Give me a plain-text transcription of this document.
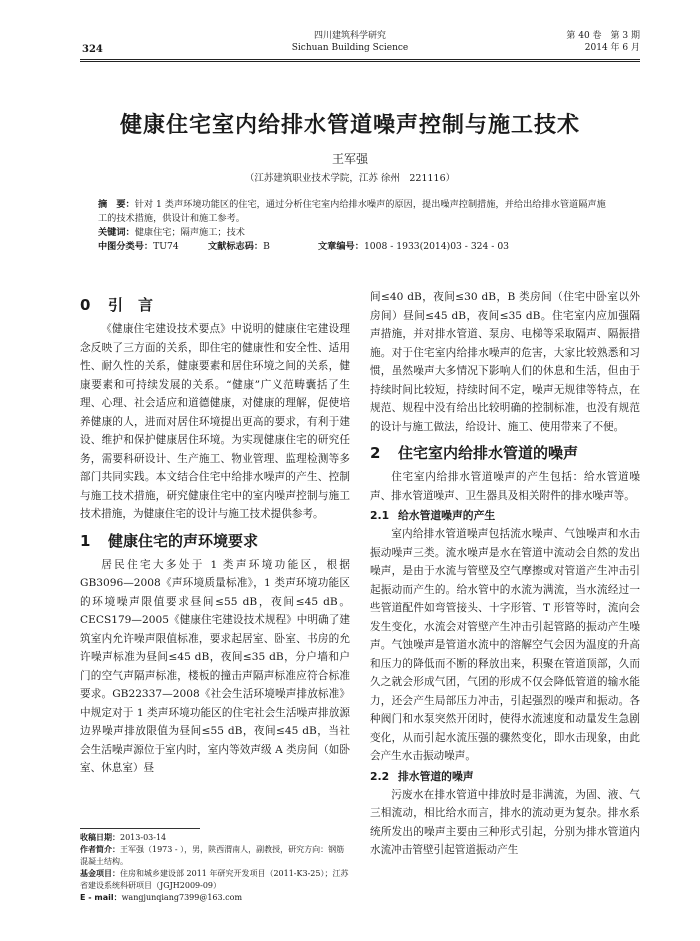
四川建筑科学研究
Sichuan Building Science
324
第 40 卷　第 3 期
2014 年 6 月
健康住宅室内给排水管道噪声控制与施工技术
王军强
（江苏建筑职业技术学院，江苏 徐州　221116）
摘　要：针对 1 类声环境功能区的住宅，通过分析住宅室内给排水噪声的原因，提出噪声控制措施，并给出给排水管道隔声施工的技术措施，供设计和施工参考。
关键词：健康住宅；隔声施工；技术
中图分类号：TU74	文献标志码：B	文章编号：1008 - 1933(2014)03 - 324 - 03
0 引　言

《健康住宅建设技术要点》中说明的健康住宅建设理念反映了三方面的关系，即住宅的健康性和安全性、适用性、耐久性的关系，健康要素和居住环境之间的关系，健康要素和可持续发展的关系。“健康”广义范畴囊括了生理、心理、社会适应和道德健康，对健康的理解，促使培养健康的人，进而对居住环境提出更高的要求，有利于建设、维护和保护健康居住环境。为实现健康住宅的研究任务，需要科研设计、生产施工、物业管理、监理检测等多部门共同实践。本文结合住宅中给排水噪声的产生、控制与施工技术措施，研究健康住宅中的室内噪声控制与施工技术措施，为健康住宅的设计与施工技术提供参考。

1 健康住宅的声环境要求

居民住宅大多处于 1 类声环境功能区，根据 GB3096—2008《声环境质量标准》，1 类声环境功能区的环境噪声限值要求昼间≤55 dB，夜间≤45 dB。CECS179—2005《健康住宅建设技术规程》中明确了建筑室内允许噪声限值标准，要求起居室、卧室、书房的允许噪声标准为昼间≤45 dB，夜间≤35 dB，分户墙和户门的空气声隔声标准，楼板的撞击声隔声标准应符合标准要求。GB22337—2008《社会生活环境噪声排放标准》中规定对于 1 类声环境功能区的住宅社会生活噪声排放源边界噪声排放限值为昼间≤55 dB，夜间≤45 dB，当社会生活噪声源位于室内时，室内等效声级 A 类房间（如卧室、休息室）昼

间≤40 dB，夜间≤30 dB，B 类房间（住宅中卧室以外房间）昼间≤45 dB，夜间≤35 dB。住宅室内应加强隔声措施，并对排水管道、泵房、电梯等采取隔声、隔振措施。对于住宅室内给排水噪声的危害，大家比较熟悉和习惯，虽然噪声大多情况下影响人们的休息和生活，但由于持续时间比较短，持续时间不定，噪声无规律等特点，在规范、规程中没有给出比较明确的控制标准，也没有规范的设计与施工做法，给设计、施工、使用带来了不便。

2 住宅室内给排水管道的噪声

住宅室内给排水管道噪声的产生包括：给水管道噪声、排水管道噪声、卫生器具及相关附件的排水噪声等。

2.1 给水管道噪声的产生

室内给排水管道噪声包括流水噪声、气蚀噪声和水击振动噪声三类。流水噪声是水在管道中流动会自然的发出噪声，是由于水流与管壁及空气摩擦或对管道产生冲击引起振动而产生的。给水管中的水流为满流，当水流经过一些管道配件如弯管接头、十字形管、T 形管等时，流向会发生变化，水流会对管壁产生冲击引起管路的振动产生噪声。气蚀噪声是管道水流中的溶解空气会因为温度的升高和压力的降低而不断的释放出来，积聚在管道顶部，久而久之就会形成气团，气团的形成不仅会降低管道的输水能力，还会产生局部压力冲击，引起强烈的噪声和振动。各种阀门和水泵突然开闭时，使得水流速度和动量发生急剧变化，从而引起水流压强的骤然变化，即水击现象，由此会产生水击振动噪声。

2.2 排水管道的噪声

污废水在排水管道中排放时是非满流，为固、液、气三相流动，相比给水而言，排水的流动更为复杂。排水系统所发出的噪声主要由三种形式引起，分别为排水管道内水流冲击管壁引起管道振动产生

收稿日期：2013-03-14
作者简介：王军强（1973 - ），男，陕西渭南人，副教授，研究方向：钢筋混凝土结构。
基金项目：住房和城乡建设部 2011 年研究开发项目（2011-K3-25）；江苏省建设系统科研项目（JGJH2009-09）
E - mail：wangjunqiang7399@163.com
